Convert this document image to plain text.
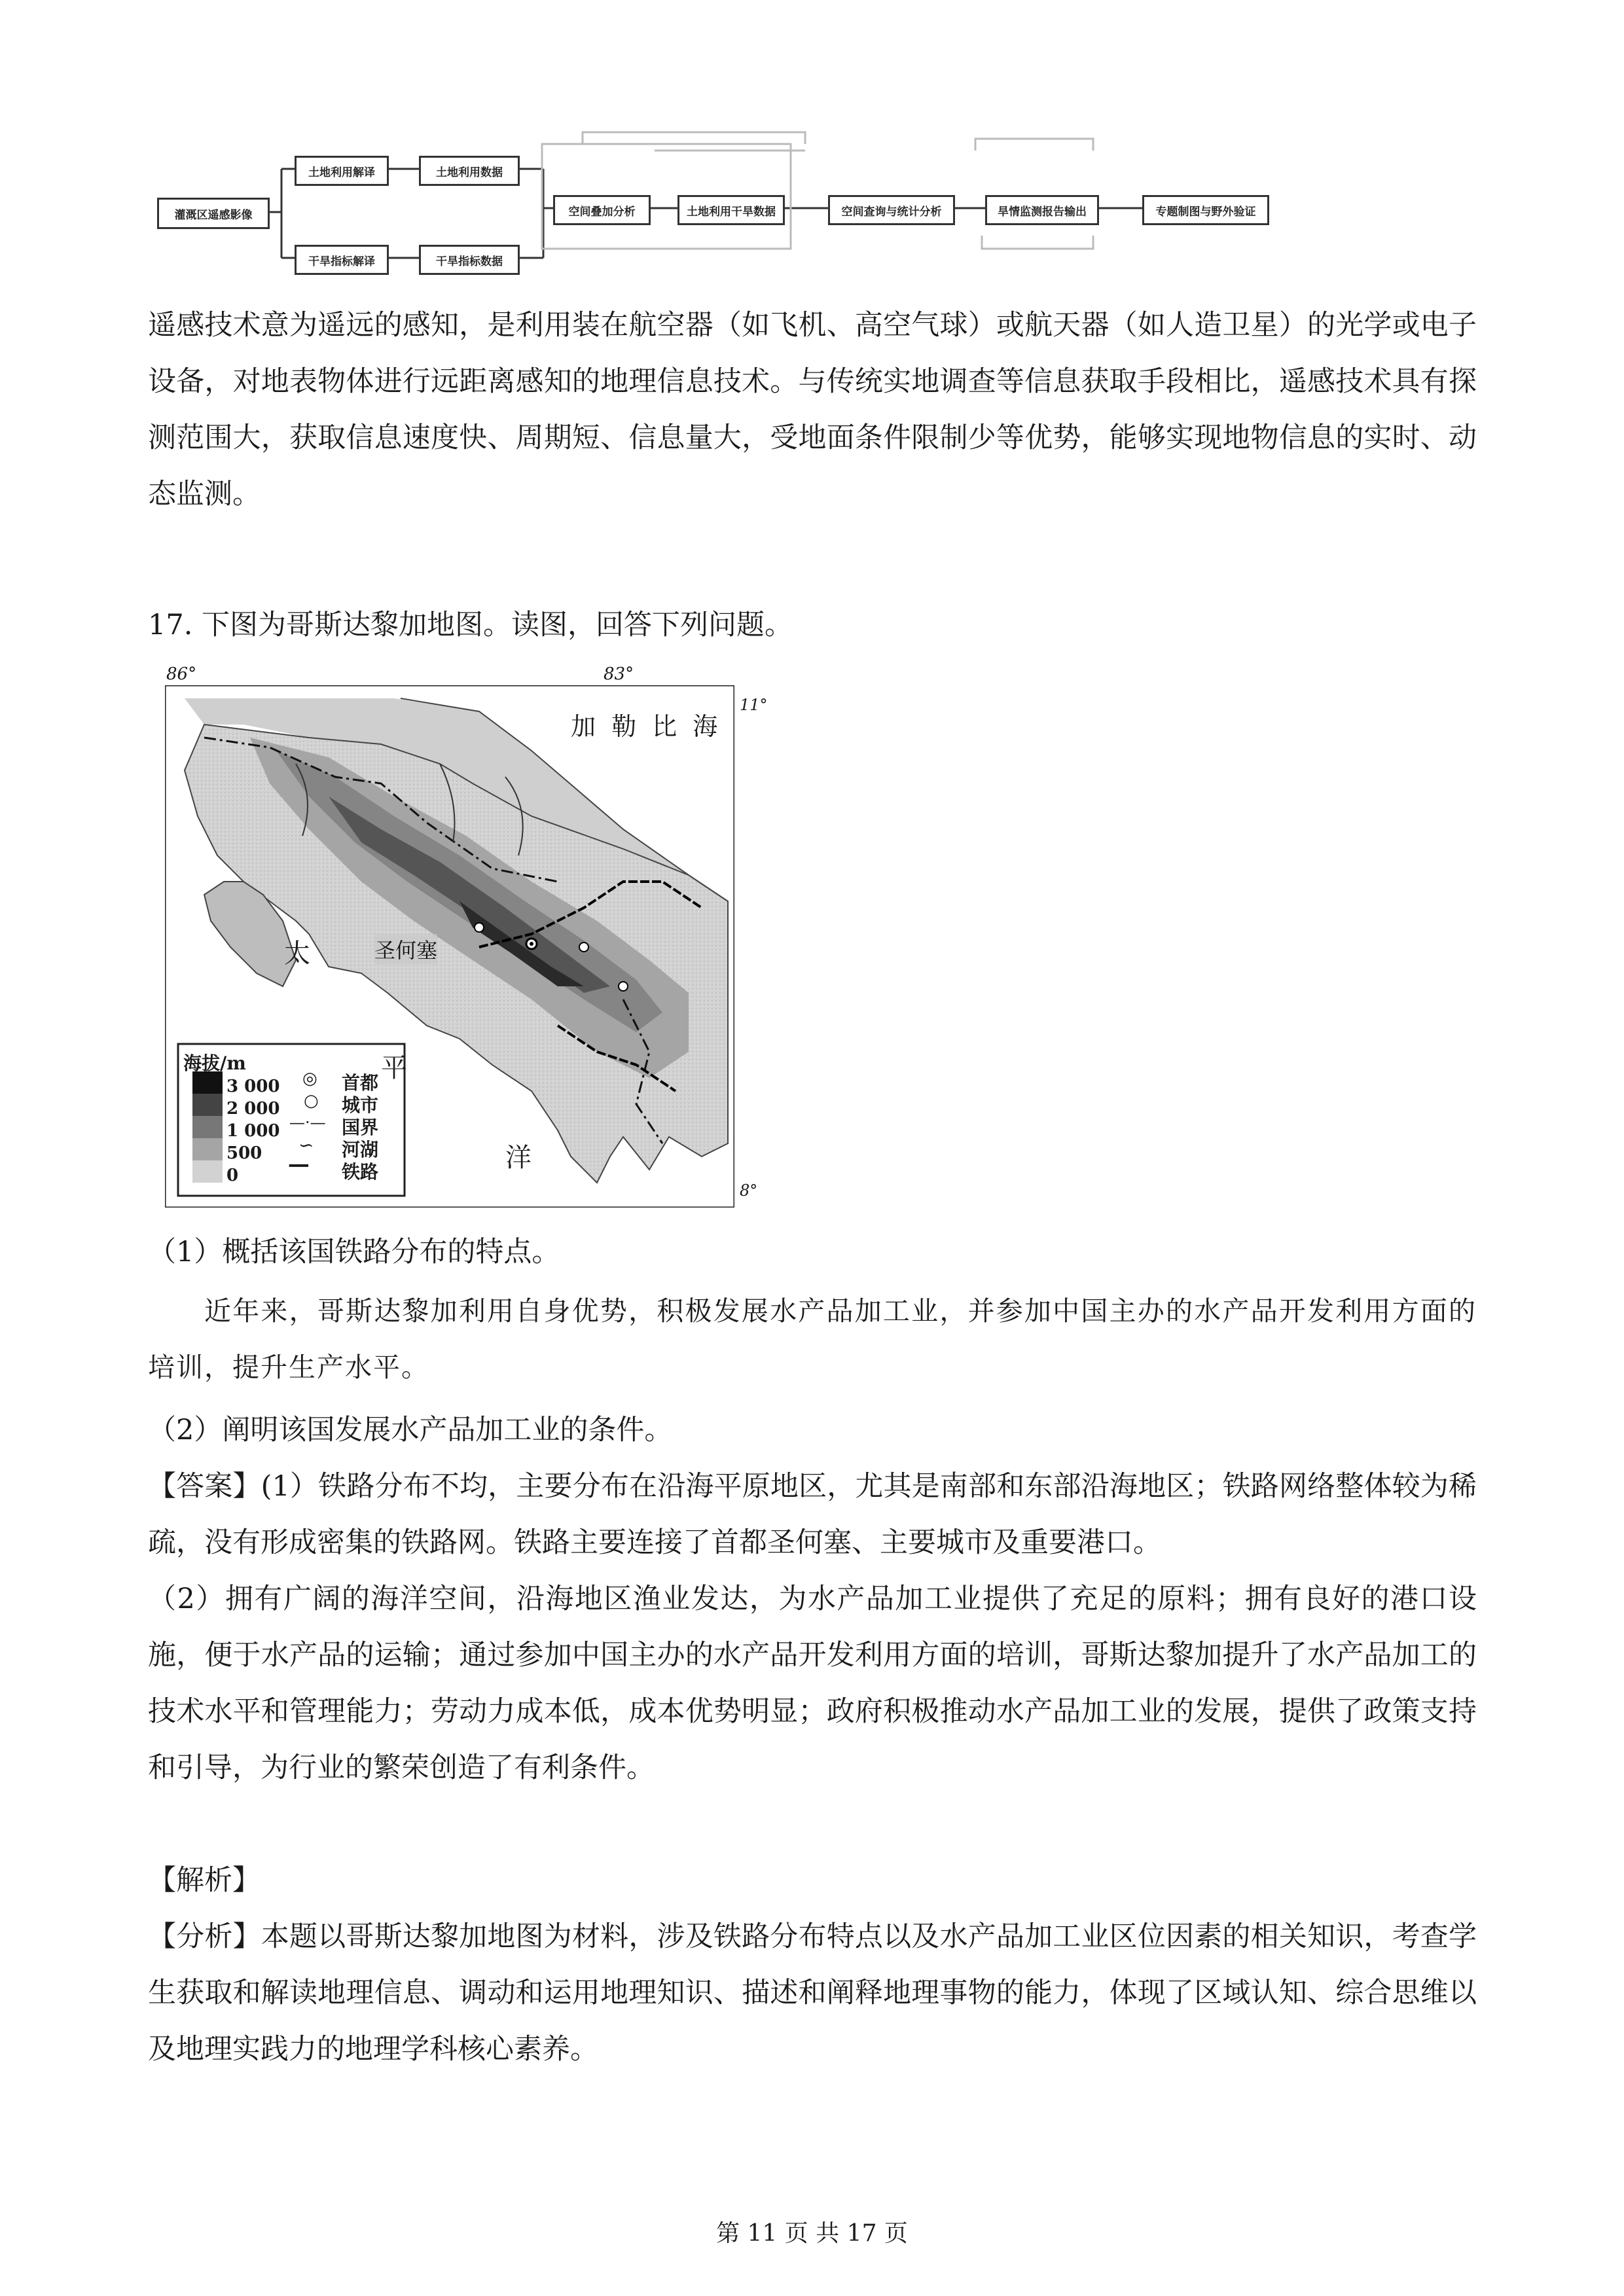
灌溉区遥感影像
土地利用解译
干旱指标解译
土地利用数据
干旱指标数据
空间叠加分析	土地利用干旱数据	空间查询与统计分析	旱情监测报告输出	专题制图与野外验证

遥感技术意为遥远的感知，是利用装在航空器（如飞机、高空气球）或航天器（如人造卫星）的光学或电子设备，对地表物体进行远距离感知的地理信息技术。与传统实地调查等信息获取手段相比，遥感技术具有探测范围大，获取信息速度快、周期短、信息量大，受地面条件限制少等优势，能够实现地物信息的实时、动态监测。

17. 下图为哥斯达黎加地图。读图，回答下列问题。

86°	83°
11°
8°
加 勒 比 海
圣何塞
太
平
洋
海拔/m
3 000
2 000
1 000
500
0
◎ 首都
○ 城市
—·— 国界
∽ 河湖
━━ 铁路

（1）概括该国铁路分布的特点。

近年来，哥斯达黎加利用自身优势，积极发展水产品加工业，并参加中国主办的水产品开发利用方面的培训，提升生产水平。

（2）阐明该国发展水产品加工业的条件。

【答案】(1）铁路分布不均，主要分布在沿海平原地区，尤其是南部和东部沿海地区；铁路网络整体较为稀疏，没有形成密集的铁路网。铁路主要连接了首都圣何塞、主要城市及重要港口。

（2）拥有广阔的海洋空间，沿海地区渔业发达，为水产品加工业提供了充足的原料；拥有良好的港口设施，便于水产品的运输；通过参加中国主办的水产品开发利用方面的培训，哥斯达黎加提升了水产品加工的技术水平和管理能力；劳动力成本低，成本优势明显；政府积极推动水产品加工业的发展，提供了政策支持和引导，为行业的繁荣创造了有利条件。

【解析】

【分析】本题以哥斯达黎加地图为材料，涉及铁路分布特点以及水产品加工业区位因素的相关知识，考查学生获取和解读地理信息、调动和运用地理知识、描述和阐释地理事物的能力，体现了区域认知、综合思维以及地理实践力的地理学科核心素养。

第 11 页 共 17 页
